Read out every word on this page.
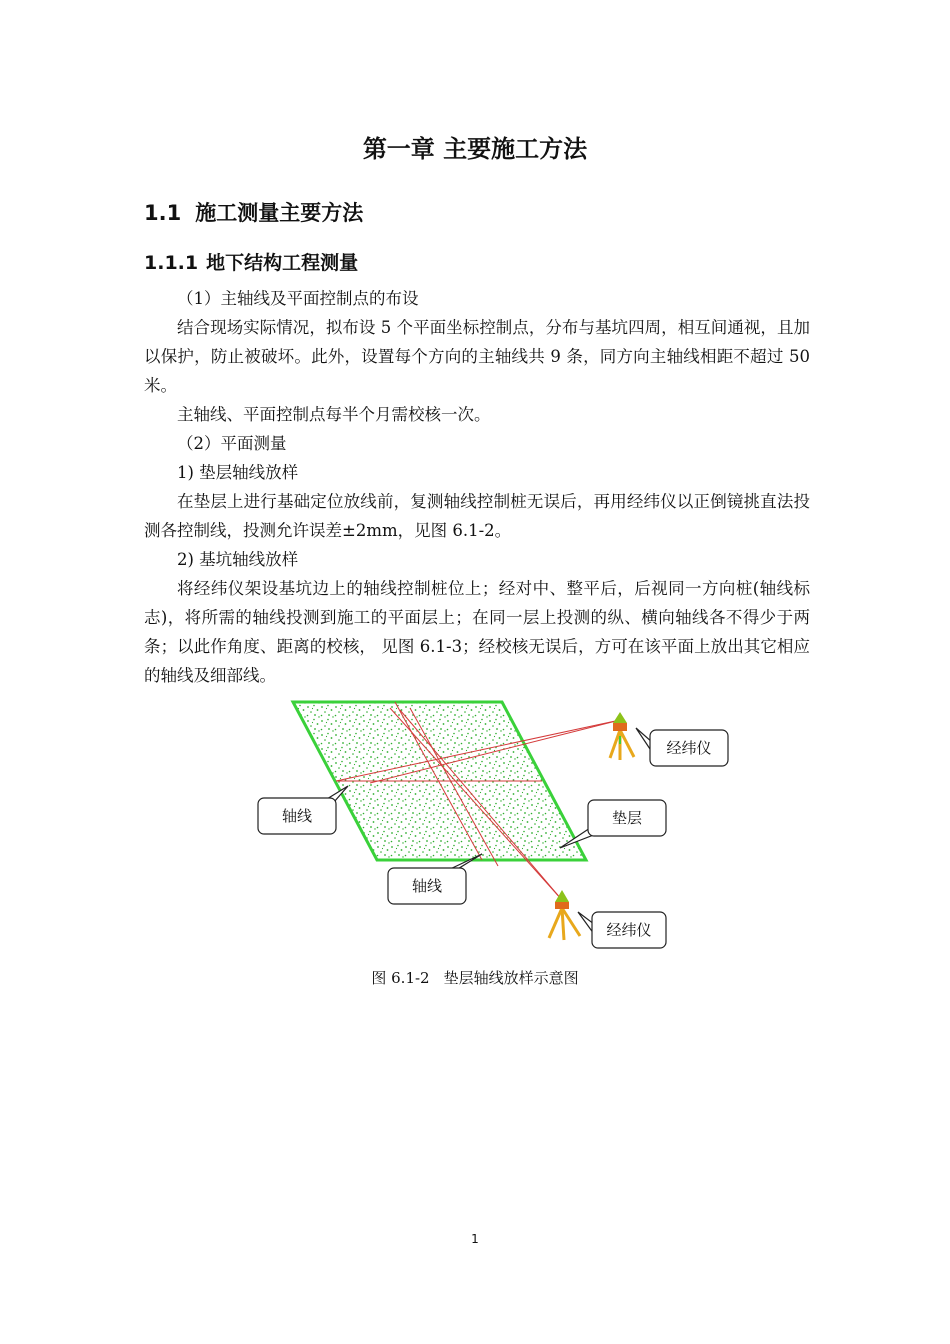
第一章 主要施工方法
1.1 施工测量主要方法
1.1.1 地下结构工程测量

（1）主轴线及平面控制点的布设

结合现场实际情况，拟布设 5 个平面坐标控制点，分布与基坑四周，相互间通视，且加以保护，防止被破坏。此外，设置每个方向的主轴线共 9 条，同方向主轴线相距不超过 50 米。

主轴线、平面控制点每半个月需校核一次。

（2）平面测量

1) 垫层轴线放样

在垫层上进行基础定位放线前，复测轴线控制桩无误后，再用经纬仪以正倒镜挑直法投测各控制线，投测允许误差±2mm，见图 6.1-2。

2) 基坑轴线放样

将经纬仪架设基坑边上的轴线控制桩位上；经对中、整平后，后视同一方向桩(轴线标志)，将所需的轴线投测到施工的平面层上；在同一层上投测的纵、横向轴线各不得少于两条；以此作角度、距离的校核， 见图 6.1-3；经校核无误后，方可在该平面上放出其它相应的轴线及细部线。

经纬仪
轴线	垫层
轴线
经纬仪
图 6.1-2 垫层轴线放样示意图
1
